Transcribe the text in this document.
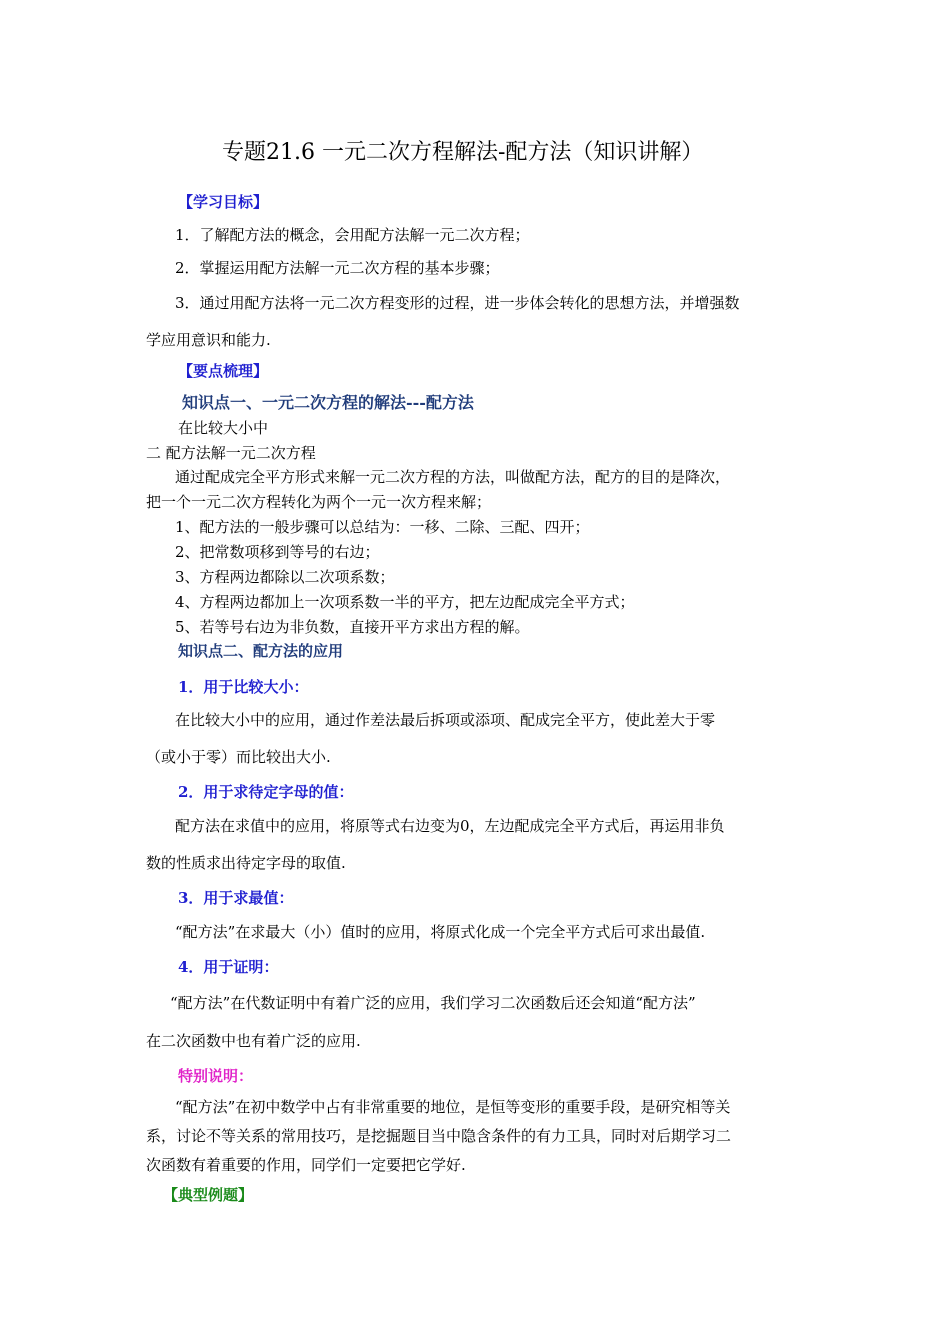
专题21.6 一元二次方程解法-配方法（知识讲解）
【学习目标】
1．了解配方法的概念，会用配方法解一元二次方程；
2．掌握运用配方法解一元二次方程的基本步骤；
3．通过用配方法将一元二次方程变形的过程，进一步体会转化的思想方法，并增强数
学应用意识和能力.
【要点梳理】
知识点一、一元二次方程的解法---配方法
在比较大小中
二 配方法解一元二次方程
通过配成完全平方形式来解一元二次方程的方法，叫做配方法，配方的目的是降次，
把一个一元二次方程转化为两个一元一次方程来解；
1、配方法的一般步骤可以总结为：一移、二除、三配、四开；
2、把常数项移到等号的右边；
3、方程两边都除以二次项系数；
4、方程两边都加上一次项系数一半的平方，把左边配成完全平方式；
5、若等号右边为非负数，直接开平方求出方程的解。
知识点二、配方法的应用
1．用于比较大小：
在比较大小中的应用，通过作差法最后拆项或添项、配成完全平方，使此差大于零
（或小于零）而比较出大小.
2．用于求待定字母的值：
配方法在求值中的应用，将原等式右边变为0，左边配成完全平方式后，再运用非负
数的性质求出待定字母的取值.
3．用于求最值：
“配方法”在求最大（小）值时的应用，将原式化成一个完全平方式后可求出最值.
4．用于证明：
“配方法”在代数证明中有着广泛的应用，我们学习二次函数后还会知道“配方法”
在二次函数中也有着广泛的应用.
特别说明：
“配方法”在初中数学中占有非常重要的地位，是恒等变形的重要手段，是研究相等关
系，讨论不等关系的常用技巧，是挖掘题目当中隐含条件的有力工具，同时对后期学习二
次函数有着重要的作用，同学们一定要把它学好.
【典型例题】
